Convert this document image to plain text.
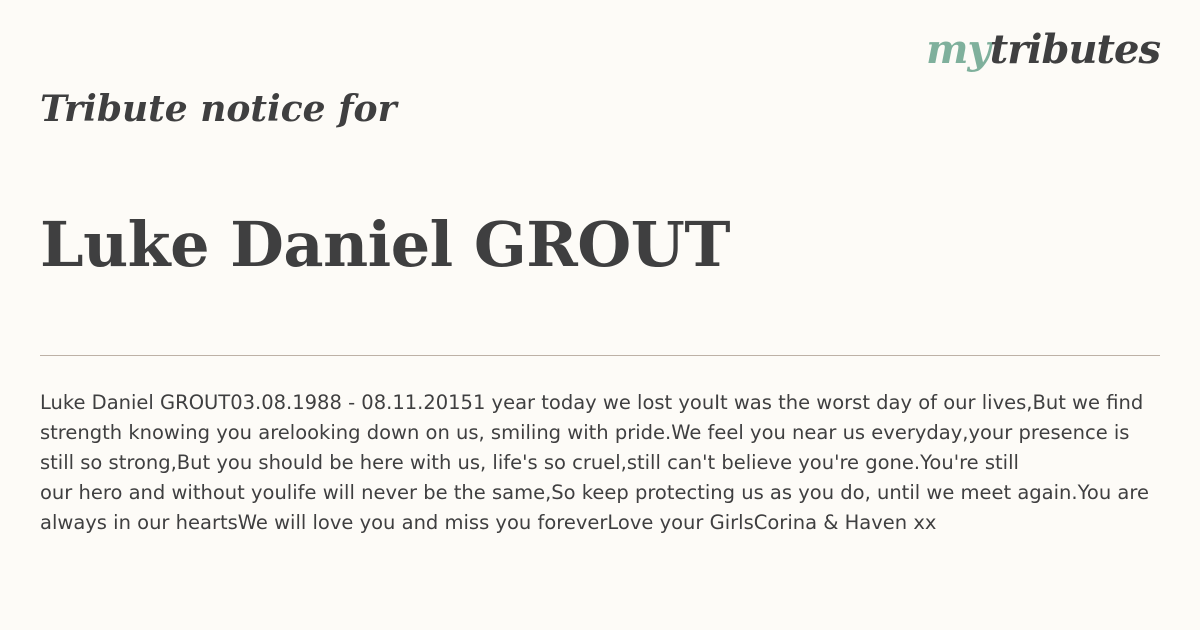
mytributes
Tribute notice for
Luke Daniel GROUT

Luke Daniel GROUT03.08.1988 - 08.11.20151 year today we lost youIt was the worst day of our lives,But we find strength knowing you arelooking down on us, smiling with pride.We feel you near us everyday,your presence is still so strong,But you should be here with us, life's so cruel,still can't believe you're gone.You're still
our hero and without youlife will never be the same,So keep protecting us as you do, until we meet again.You are always in our heartsWe will love you and miss you foreverLove your GirlsCorina & Haven xx
